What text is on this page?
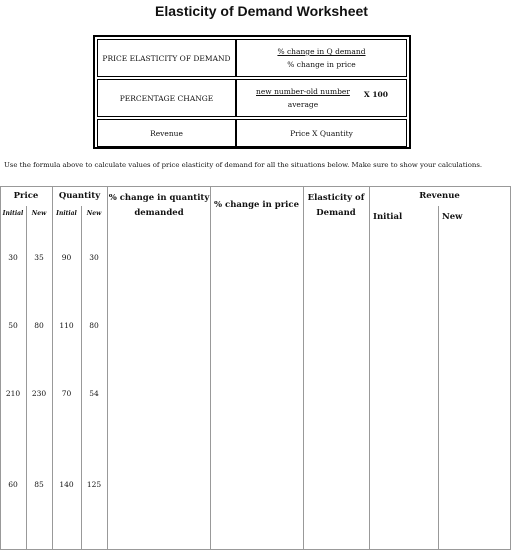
Elasticity of Demand Worksheet
PRICE ELASTICITY OF DEMAND	$\frac{\text{\% change in Q demand}}{\text{\% change in price}}$
PERCENTAGE CHANGE	$\frac{\text{new number-old number}}{\text{average}}$ X 100
Revenue	Price X Quantity
Use the formula above to calculate values of price elasticity of demand for all the situations below. Make sure to show your calculations.
Price	Quantity
Initial	New	Initial	New
% change in quantity demanded
% change in price
Elasticity of Demand
Revenue
Initial	New
30	35	90	30
50	80	110	80
210	230	70	54
60	85	140	125
